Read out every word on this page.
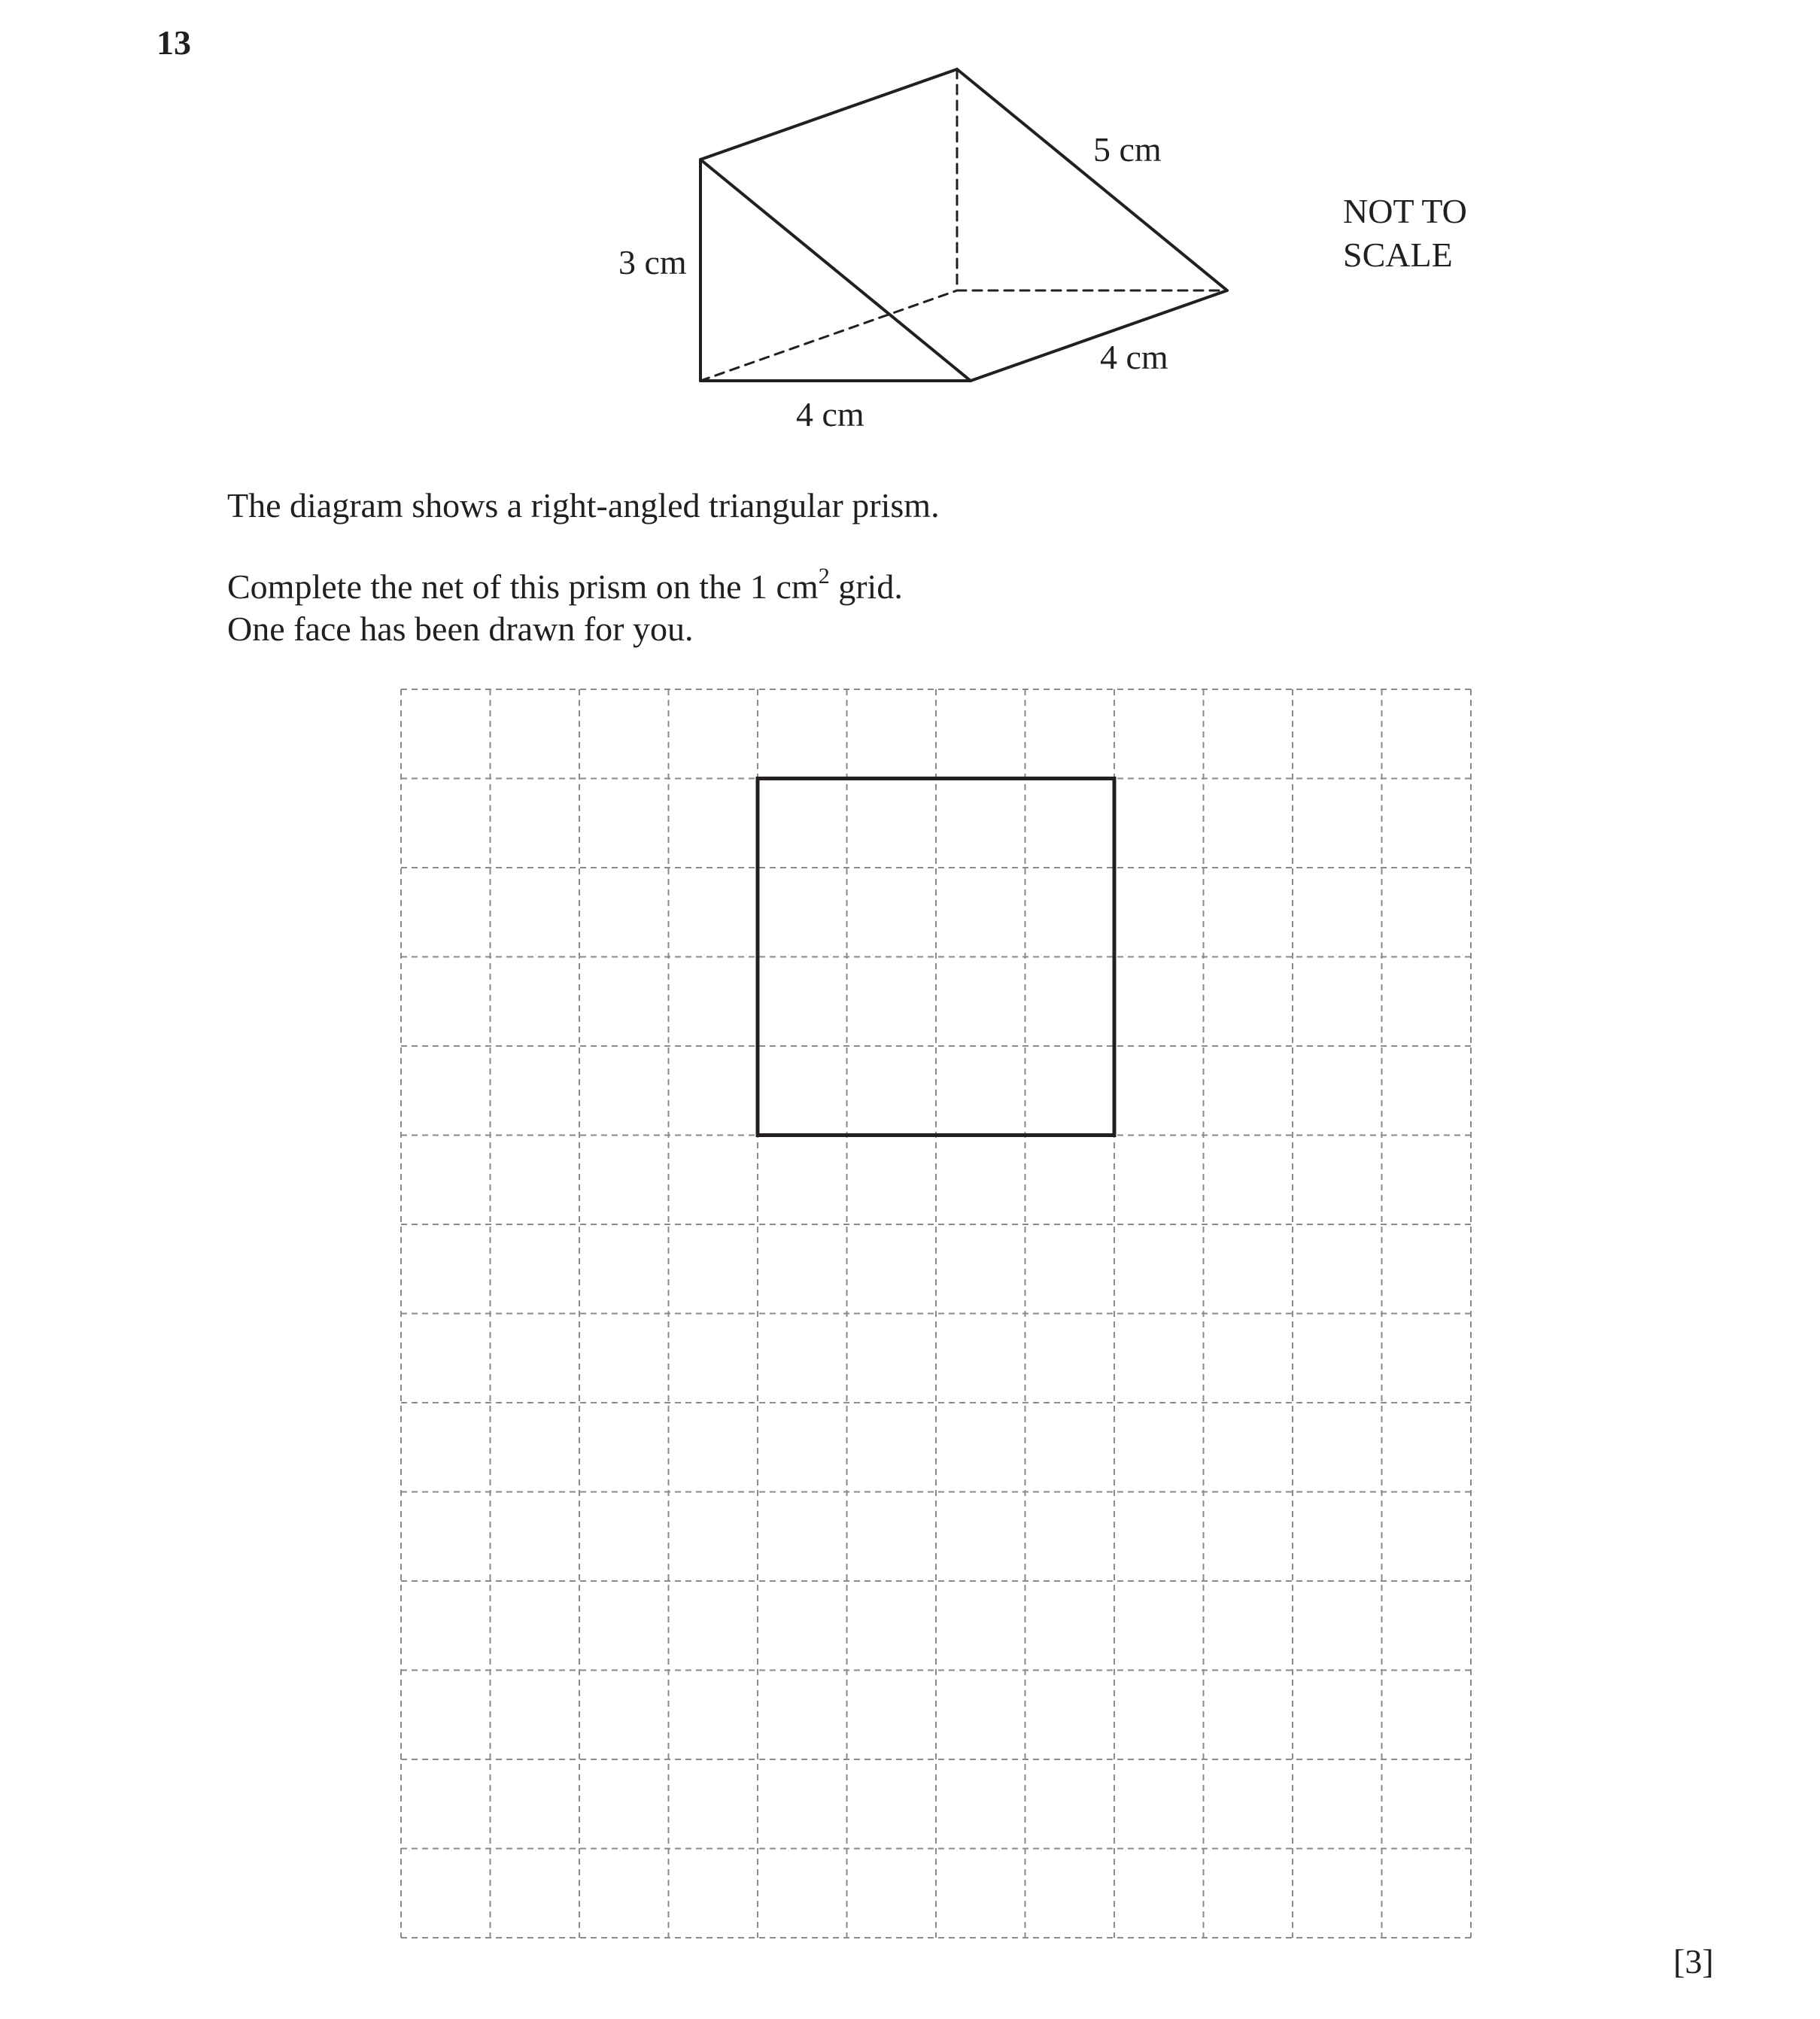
13
3 cm
4 cm
5 cm
4 cm
NOT TO
SCALE
The diagram shows a right-angled triangular prism.
Complete the net of this prism on the 1 $cm^2$ grid.
One face has been drawn for you.
[3]
